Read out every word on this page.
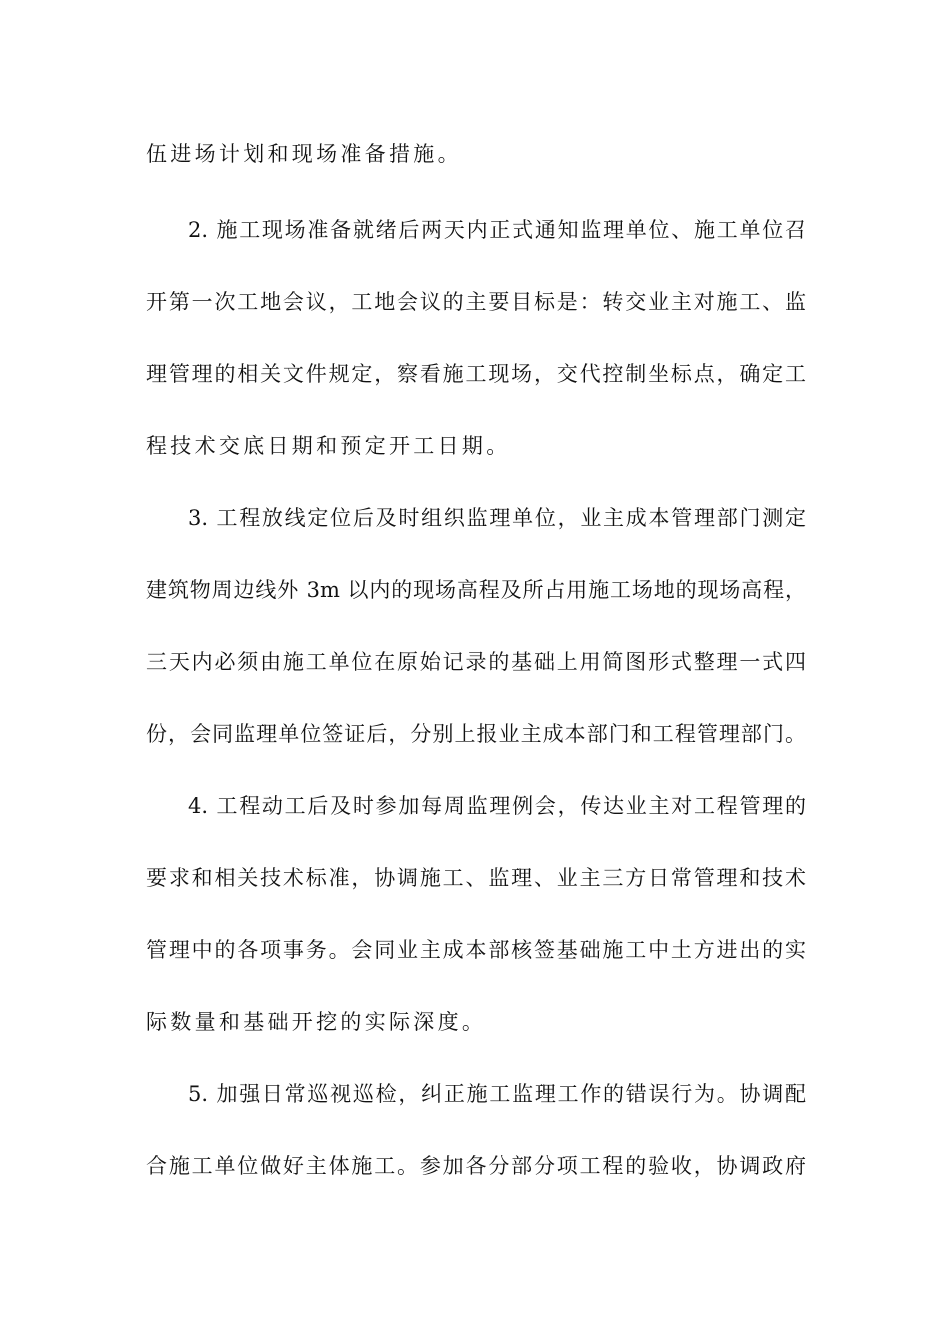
伍进场计划和现场准备措施。
2. 施工现场准备就绪后两天内正式通知监理单位、施工单位召
开第一次工地会议，工地会议的主要目标是：转交业主对施工、监
理管理的相关文件规定，察看施工现场，交代控制坐标点，确定工
程技术交底日期和预定开工日期。
3. 工程放线定位后及时组织监理单位，业主成本管理部门测定
建筑物周边线外 3m 以内的现场高程及所占用施工场地的现场高程，
三天内必须由施工单位在原始记录的基础上用简图形式整理一式四
份，会同监理单位签证后，分别上报业主成本部门和工程管理部门。
4. 工程动工后及时参加每周监理例会，传达业主对工程管理的
要求和相关技术标准，协调施工、监理、业主三方日常管理和技术
管理中的各项事务。会同业主成本部核签基础施工中土方进出的实
际数量和基础开挖的实际深度。
5. 加强日常巡视巡检，纠正施工监理工作的错误行为。协调配
合施工单位做好主体施工。参加各分部分项工程的验收，协调政府
